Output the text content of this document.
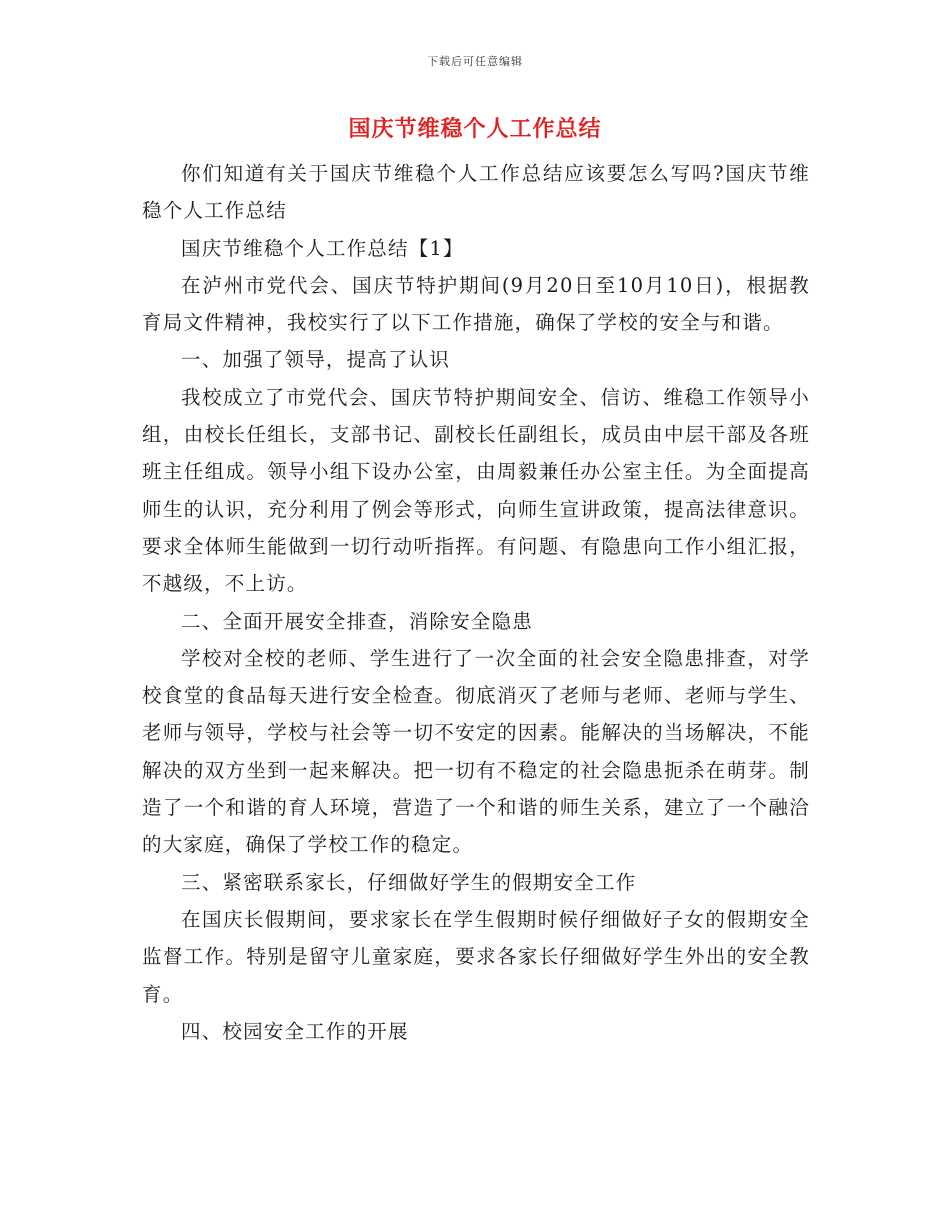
下载后可任意编辑
国庆节维稳个人工作总结

你们知道有关于国庆节维稳个人工作总结应该要怎么写吗?国庆节维稳个人工作总结

国庆节维稳个人工作总结【1】

在泸州市党代会、国庆节特护期间(9月20日至10月10日)，根据教育局文件精神，我校实行了以下工作措施，确保了学校的安全与和谐。

一、加强了领导，提高了认识

我校成立了市党代会、国庆节特护期间安全、信访、维稳工作领导小组，由校长任组长，支部书记、副校长任副组长，成员由中层干部及各班班主任组成。领导小组下设办公室，由周毅兼任办公室主任。为全面提高师生的认识，充分利用了例会等形式，向师生宣讲政策，提高法律意识。要求全体师生能做到一切行动听指挥。有问题、有隐患向工作小组汇报，不越级，不上访。

二、全面开展安全排查，消除安全隐患

学校对全校的老师、学生进行了一次全面的社会安全隐患排查，对学校食堂的食品每天进行安全检查。彻底消灭了老师与老师、老师与学生、老师与领导，学校与社会等一切不安定的因素。能解决的当场解决，不能解决的双方坐到一起来解决。把一切有不稳定的社会隐患扼杀在萌芽。制造了一个和谐的育人环境，营造了一个和谐的师生关系，建立了一个融洽的大家庭，确保了学校工作的稳定。

三、紧密联系家长，仔细做好学生的假期安全工作

在国庆长假期间，要求家长在学生假期时候仔细做好子女的假期安全监督工作。特别是留守儿童家庭，要求各家长仔细做好学生外出的安全教育。

四、校园安全工作的开展
